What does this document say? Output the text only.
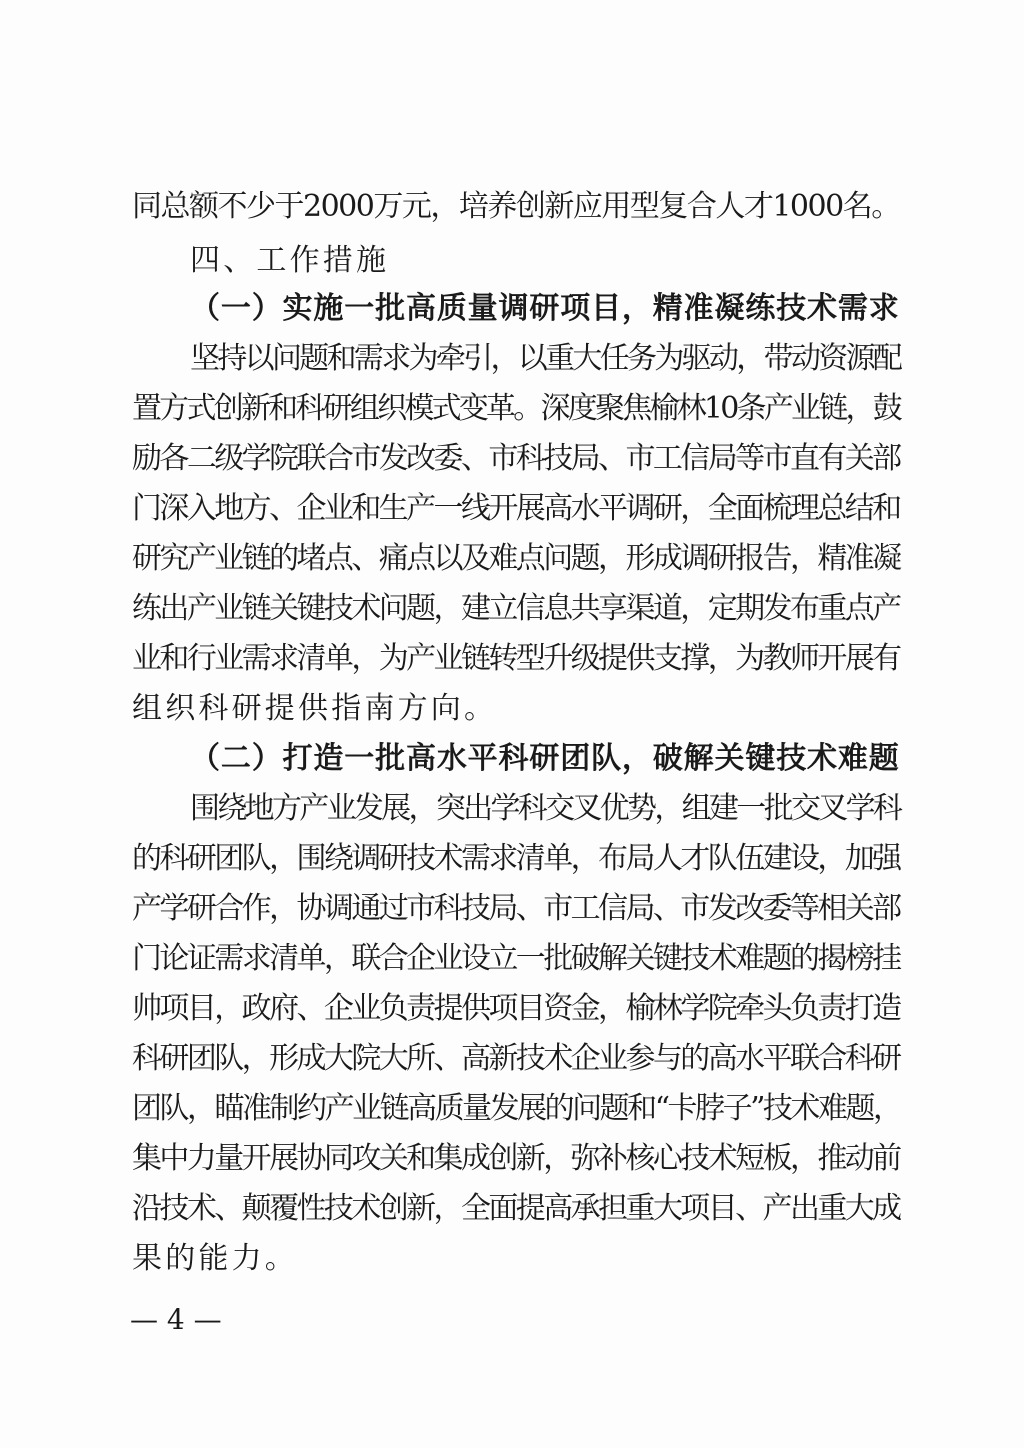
同总额不少于2000万元，培养创新应用型复合人才1000名。
四、工作措施
（一）实施一批高质量调研项目，精准凝练技术需求
坚持以问题和需求为牵引，以重大任务为驱动，带动资源配
置方式创新和科研组织模式变革。深度聚焦榆林10条产业链，鼓
励各二级学院联合市发改委、市科技局、市工信局等市直有关部
门深入地方、企业和生产一线开展高水平调研，全面梳理总结和
研究产业链的堵点、痛点以及难点问题，形成调研报告，精准凝
练出产业链关键技术问题，建立信息共享渠道，定期发布重点产
业和行业需求清单，为产业链转型升级提供支撑，为教师开展有
组织科研提供指南方向。
（二）打造一批高水平科研团队，破解关键技术难题
围绕地方产业发展，突出学科交叉优势，组建一批交叉学科
的科研团队，围绕调研技术需求清单，布局人才队伍建设，加强
产学研合作，协调通过市科技局、市工信局、市发改委等相关部
门论证需求清单，联合企业设立一批破解关键技术难题的揭榜挂
帅项目，政府、企业负责提供项目资金，榆林学院牵头负责打造
科研团队，形成大院大所、高新技术企业参与的高水平联合科研
团队，瞄准制约产业链高质量发展的问题和“卡脖子”技术难题，
集中力量开展协同攻关和集成创新，弥补核心技术短板，推动前
沿技术、颠覆性技术创新，全面提高承担重大项目、产出重大成
果的能力。
— 4 —
